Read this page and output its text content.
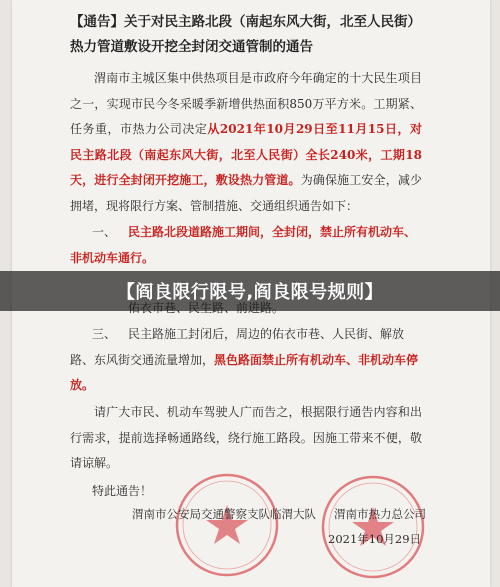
【通告】关于对民主路北段（南起东风大街，北至人民街）
热力管道敷设开挖全封闭交通管制的通告
渭南市主城区集中供热项目是市政府今年确定的十大民生项目之一，实现市民今冬采暖季新增供热面积850万平方米。工期紧、任务重，市热力公司决定从2021年10月29日至11月15日，对民主路北段（南起东风大街，北至人民街）全长240米，工期18天，进行全封闭开挖施工，敷设热力管道。为确保施工安全，减少拥堵，现将限行方案、管制措施、交通组织通告如下：
一、 民主路北段道路施工期间，全封闭，禁止所有机动车、非机动车通行。
三、 民主路施工封闭后，周边的佑衣市巷、人民街、解放路、东风街交通流量增加，黑色路面禁止所有机动车、非机动车停放。
请广大市民、机动车驾驶人广而告之，根据限行通告内容和出行需求，提前选择畅通路线，绕行施工路段。因施工带来不便，敬请谅解。
特此通告！
渭南市公安局交通警察支队临渭大队 渭南市热力总公司
2021年10月29日
【阎良限行限号,阎良限号规则】
